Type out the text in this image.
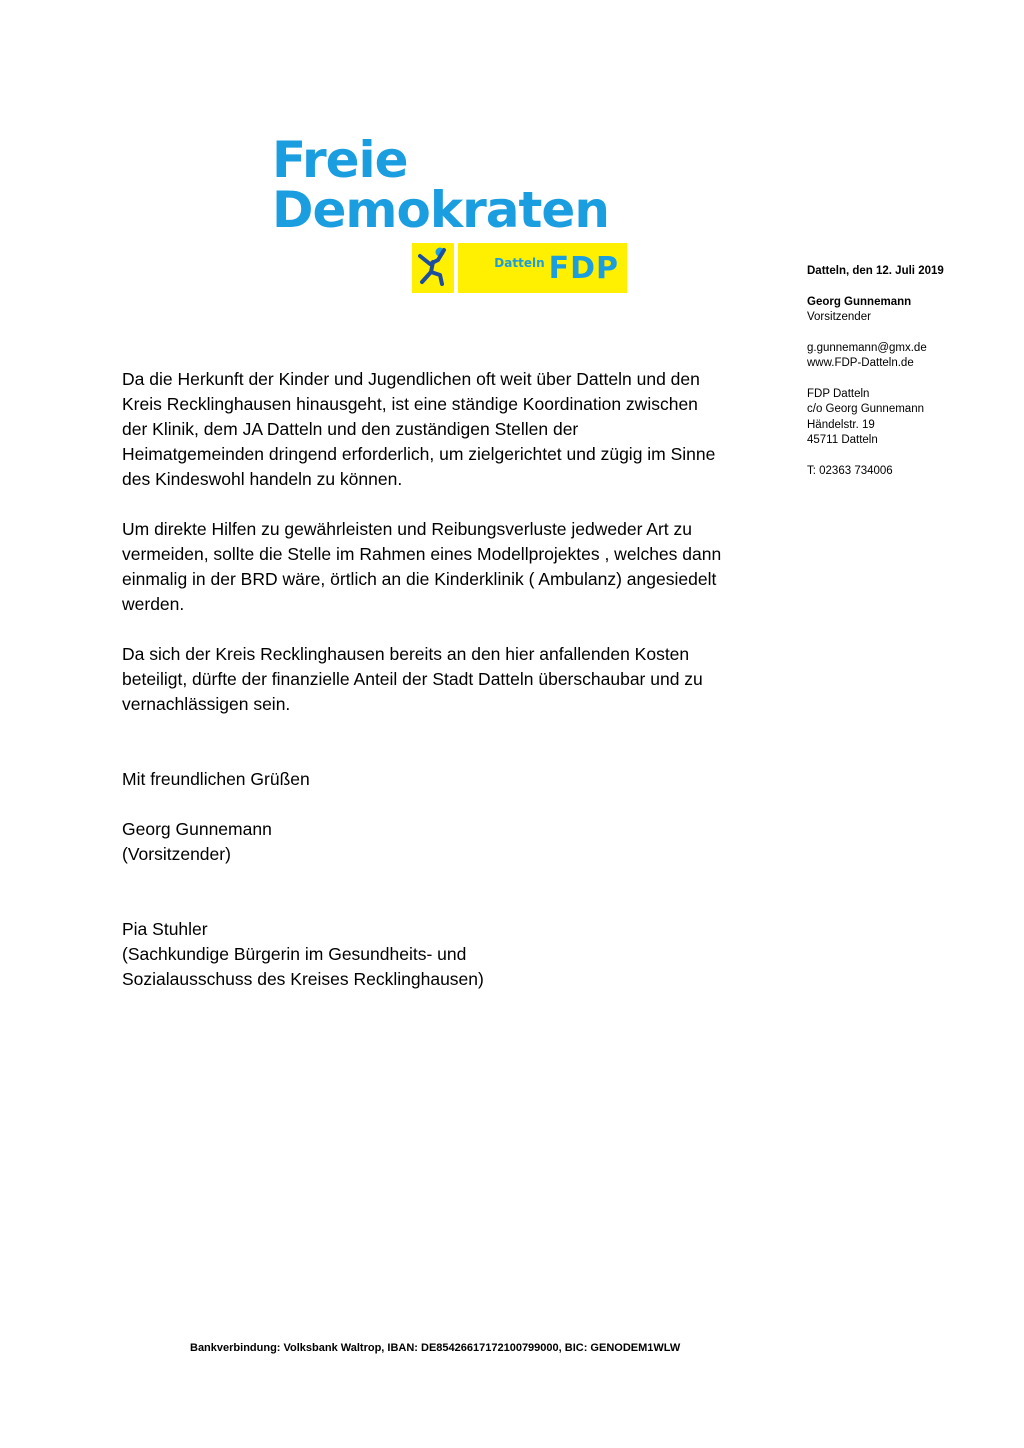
Freie
Demokraten
Datteln FDP	Datteln, den 12. Juli 2019
Georg Gunnemann
Vorsitzender
g.gunnemann@gmx.de
www.FDP-Datteln.de
FDP Datteln
c/o Georg Gunnemann
Händelstr. 19
45711 Datteln
T: 02363 734006

Da die Herkunft der Kinder und Jugendlichen oft weit über Datteln und den
Kreis Recklinghausen hinausgeht, ist eine ständige Koordination zwischen
der Klinik, dem JA Datteln und den zuständigen Stellen der
Heimatgemeinden dringend erforderlich, um zielgerichtet und zügig im Sinne
des Kindeswohl handeln zu können.

Um direkte Hilfen zu gewährleisten und Reibungsverluste jedweder Art zu
vermeiden, sollte die Stelle im Rahmen eines Modellprojektes , welches dann
einmalig in der BRD wäre, örtlich an die Kinderklinik ( Ambulanz) angesiedelt
werden.

Da sich der Kreis Recklinghausen bereits an den hier anfallenden Kosten
beteiligt, dürfte der finanzielle Anteil der Stadt Datteln überschaubar und zu
vernachlässigen sein.

Mit freundlichen Grüßen
Georg Gunnemann
(Vorsitzender)
Pia Stuhler
(Sachkundige Bürgerin im Gesundheits- und
Sozialausschuss des Kreises Recklinghausen)
Bankverbindung: Volksbank Waltrop, IBAN: DE85426617172100799000, BIC: GENODEM1WLW
